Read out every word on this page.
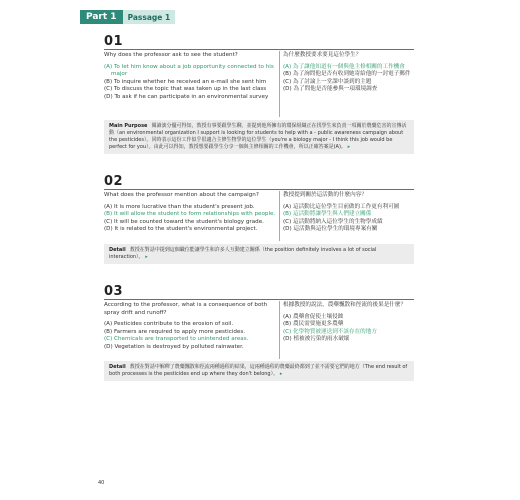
Part 1	Passage 1
01

Why does the professor ask to see the student?

(A) To let him know about a job opportunity connected to his major

(B) To inquire whether he received an e-mail she sent him

(C) To discuss the topic that was taken up in the last class

(D) To ask if he can participate in an environmental survey

為什麼教授要求要見這位學生？

(A) 為了讓他知道有一個與他主修相關的工作機會

(B) 為了詢問他是否有收到她寄給他的一封電子郵件

(C) 為了討論上一堂課中談到的主題

(D) 為了問他是否能參與一項環境調查

Main Purpose 閱讀談分優可得知，教授有事要跟學生聊。並提到他所擁有的環保組織正在找學生來負責一項關於農藥危害的宣傳活動（an environmental organization I support is looking for students to help with a - public awareness campaign about the pesticides）。同時表示這份工作似乎很適合主修生物學的這位學生（you're a biology major - I think this job would be perfect for you）。由此可以得知，教授想要跟學生分享一個與主修相關的工作機會，所以正確答案是(A)。 ▸
02

What does the professor mention about the campaign?

(A) It is more lucrative than the student's present job.

(B) It will allow the student to form relationships with people.

(C) It will be counted toward the student's biology grade.

(D) It is related to the student's environmental project.

教授提到關於這活動的什麼內容？

(A) 這活動比這位學生目前做的工作更有利可圖

(B) 這活動將讓學生與人們建立關係

(C) 這活動將納入這位學生的生物學成績

(D) 這活動與這位學生的環境專案有關

Detail 教授在對話中提到這個職位能讓學生和許多人互動建立關係（the position definitely involves a lot of social interaction）。 ▸
03

According to the professor, what is a consequence of both spray drift and runoff?

(A) Pesticides contribute to the erosion of soil.

(B) Farmers are required to apply more pesticides.

(C) Chemicals are transported to unintended areas.

(D) Vegetation is destroyed by polluted rainwater.

根據教授的說法，農藥飄散和徑流的後果是什麼？

(A) 農藥會促使土壤侵蝕

(B) 農民需要施更多農藥

(C) 化學物質被運送到不該存在的地方

(D) 植被被污染的雨水破壞

Detail 教授在對話中解釋了農藥飄散和徑流兩種過程的結果，這兩種過程的農藥最終都到了並不需要它們的地方（The end result of both processes is the pesticides end up where they don't belong）。 ▸
40
